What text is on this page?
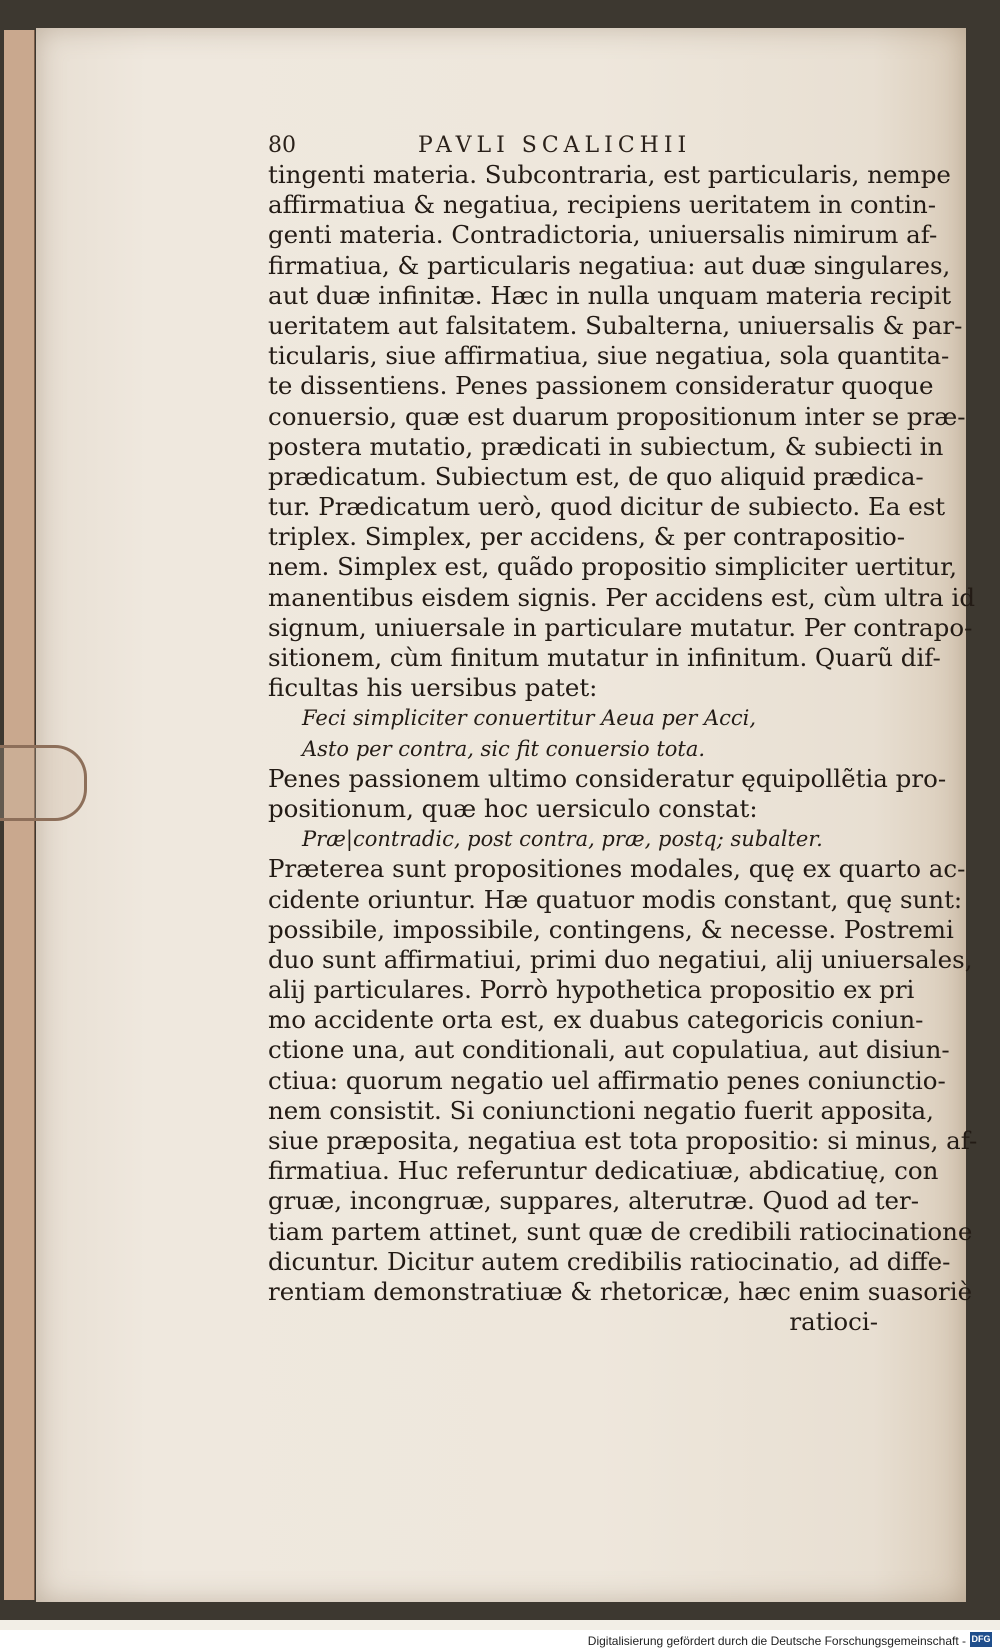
80	PAVLI SCALICHII
tingenti materia. Subcontraria, est particularis, nempe
affirmatiua & negatiua, recipiens ueritatem in contin-
genti materia. Contradictoria, uniuersalis nimirum af-
firmatiua, & particularis negatiua: aut duæ singulares,
aut duæ infinitæ. Hæc in nulla unquam materia recipit
ueritatem aut falsitatem. Subalterna, uniuersalis & par-
ticularis, siue affirmatiua, siue negatiua, sola quantita-
te dissentiens. Penes passionem consideratur quoque
conuersio, quæ est duarum propositionum inter se præ-
postera mutatio, prædicati in subiectum, & subiecti in
prædicatum. Subiectum est, de quo aliquid prædica-
tur. Prædicatum uerò, quod dicitur de subiecto. Ea est
triplex. Simplex, per accidens, & per contrapositio-
nem. Simplex est, quãdo propositio simpliciter uertitur,
manentibus eisdem signis. Per accidens est, cùm ultra id
signum, uniuersale in particulare mutatur. Per contrapo-
sitionem, cùm finitum mutatur in infinitum. Quarũ dif-
ficultas his uersibus patet:
Feci simpliciter conuertitur Aeua per Acci,
Asto per contra, sic fit conuersio tota.
Penes passionem ultimo consideratur ęquipollẽtia pro-
positionum, quæ hoc uersiculo constat:
Præ|contradic, post contra, præ, postq; subalter.
Præterea sunt propositiones modales, quę ex quarto ac-
cidente oriuntur. Hæ quatuor modis constant, quę sunt:
possibile, impossibile, contingens, & necesse. Postremi
duo sunt affirmatiui, primi duo negatiui, alij uniuersales,
alij particulares. Porrò hypothetica propositio ex pri
mo accidente orta est, ex duabus categoricis coniun-
ctione una, aut conditionali, aut copulatiua, aut disiun-
ctiua: quorum negatio uel affirmatio penes coniunctio-
nem consistit. Si coniunctioni negatio fuerit apposita,
siue præposita, negatiua est tota propositio: si minus, af-
firmatiua. Huc referuntur dedicatiuæ, abdicatiuę, con
gruæ, incongruæ, suppares, alterutræ. Quod ad ter-
tiam partem attinet, sunt quæ de credibili ratiocinatione
dicuntur. Dicitur autem credibilis ratiocinatio, ad diffe-
rentiam demonstratiuæ & rhetoricæ, hæc enim suasoriè
ratioci-
Digitalisierung gefördert durch die Deutsche Forschungsgemeinschaft - DFG
